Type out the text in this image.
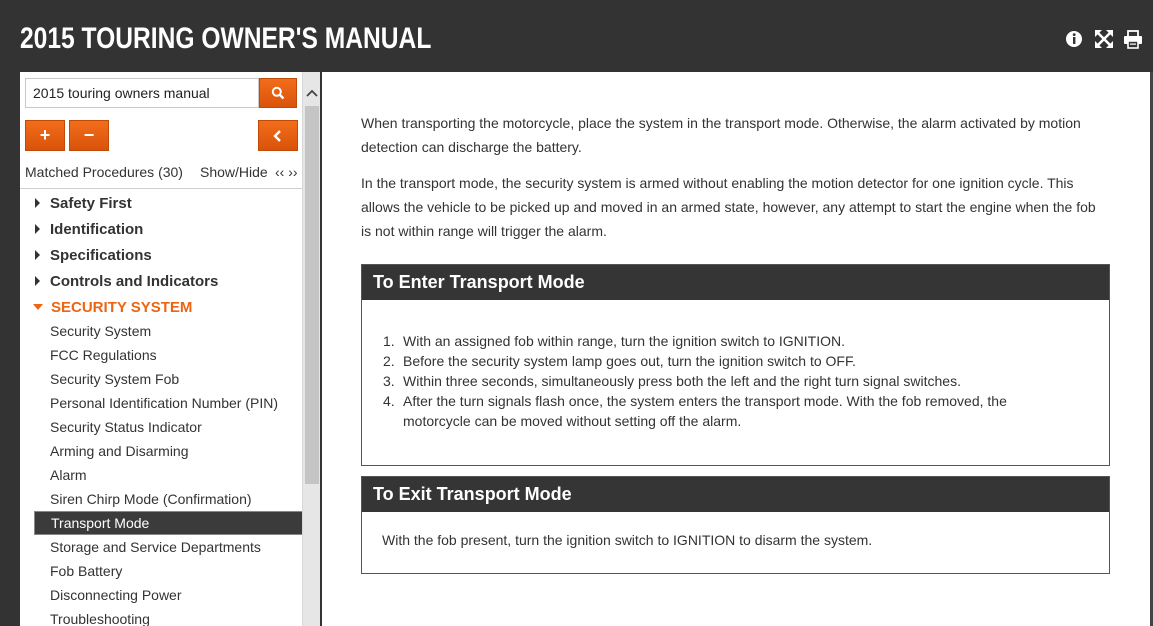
2015 TOURING OWNER'S MANUAL
2015 touring owners manual
+	−
Matched Procedures (30) Show/Hide ‹‹ ››
Safety First
Identification
Specifications
Controls and Indicators
SECURITY SYSTEM
Security System
FCC Regulations
Security System Fob
Personal Identification Number (PIN)
Security Status Indicator
Arming and Disarming
Alarm
Siren Chirp Mode (Confirmation)
Transport Mode
Storage and Service Departments
Fob Battery
Disconnecting Power
Troubleshooting
When transporting the motorcycle, place the system in the transport mode. Otherwise, the alarm activated by motion detection can discharge the battery.
In the transport mode, the security system is armed without enabling the motion detector for one ignition cycle. This allows the vehicle to be picked up and moved in an armed state, however, any attempt to start the engine when the fob is not within range will trigger the alarm.
To Enter Transport Mode
1. With an assigned fob within range, turn the ignition switch to IGNITION.
2. Before the security system lamp goes out, turn the ignition switch to OFF.
3. Within three seconds, simultaneously press both the left and the right turn signal switches.
4. After the turn signals flash once, the system enters the transport mode. With the fob removed, the motorcycle can be moved without setting off the alarm.
To Exit Transport Mode
With the fob present, turn the ignition switch to IGNITION to disarm the system.
